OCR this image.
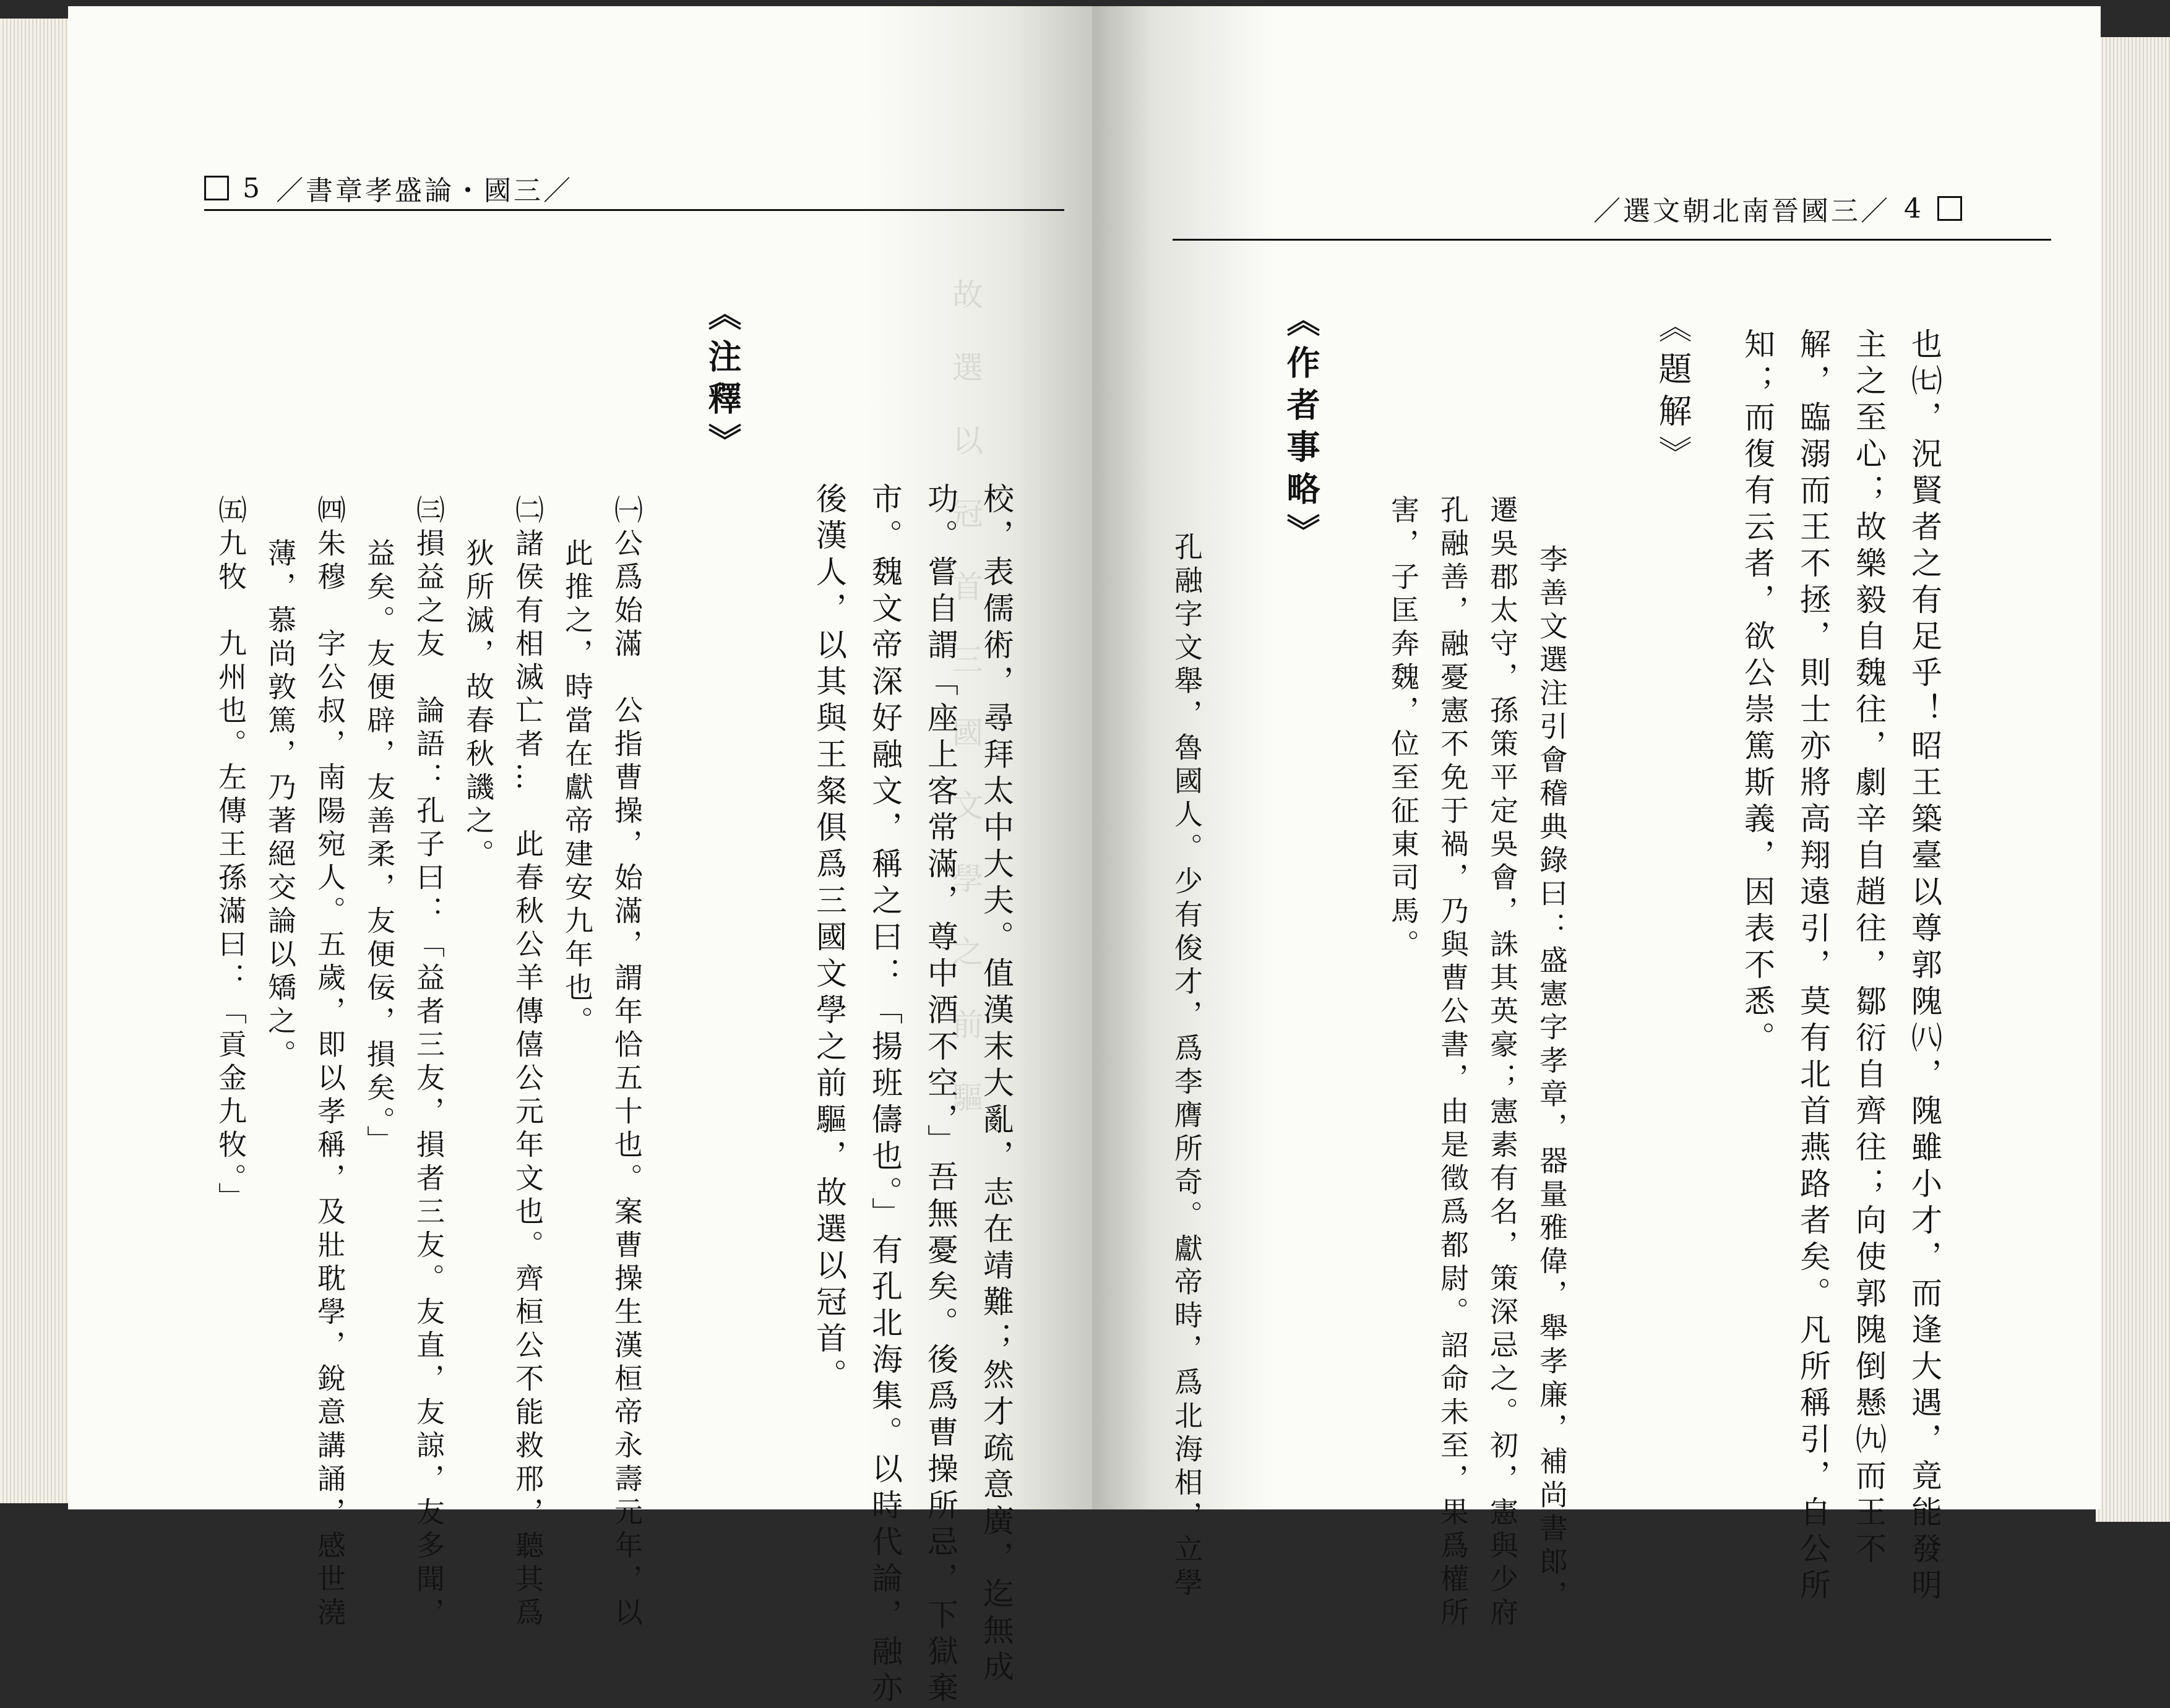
5 ／書章孝盛論・國三／
故　選　以　冠　首　三　國　文　學　之　前　驅
《注釋》
後漢人，以其與王粲俱爲三國文學之前驅，故選以冠首。 市。魏文帝深好融文，稱之曰：「揚班儔也。」有孔北海集。以時代論，融亦 功。嘗自謂「座上客常滿，尊中酒不空，」吾無憂矣。後爲曹操所忌，下獄棄 校，表儒術，尋拜太中大夫。值漢末大亂，志在靖難；然才疏意廣，迄無成
㈠公爲始滿　公指曹操，始滿，謂年恰五十也。案曹操生漢桓帝永壽元年，以
此推之，時當在獻帝建安九年也。
㈡諸侯有相滅亡者…　此春秋公羊傳僖公元年文也。齊桓公不能救邢，聽其爲
狄所滅，故春秋譏之。
㈢損益之友　論語：孔子曰：「益者三友，損者三友。友直，友諒，友多聞，
益矣。友便辟，友善柔，友便佞，損矣。」
㈣朱穆　字公叔，南陽宛人。五歲，即以孝稱，及壯耽學，銳意講誦，感世澆
薄，慕尚敦篤，乃著絕交論以矯之。
㈤九牧　九州也。左傳王孫滿曰：「貢金九牧。」
／選文朝北南晉國三／ 4
也㈦，況賢者之有足乎！昭王築臺以尊郭隗㈧，隗雖小才，而逢大遇，竟能發明
主之至心；故樂毅自魏往，劇辛自趙往，鄒衍自齊往；向使郭隗倒懸㈨而王不
解，臨溺而王不拯，則士亦將高翔遠引，莫有北首燕路者矣。凡所稱引，自公所
知；而復有云者，欲公崇篤斯義，因表不悉。
《題解》
李善文選注引會稽典錄曰：盛憲字孝章，器量雅偉，舉孝廉，補尚書郎，
遷吳郡太守，孫策平定吳會，誅其英豪；憲素有名，策深忌之。初，憲與少府
孔融善，融憂憲不免于禍，乃與曹公書，由是徵爲都尉。詔命未至，果爲權所
害，子匡奔魏，位至征東司馬。
《作者事略》
孔融字文舉，魯國人。少有俊才，爲李膺所奇。獻帝時，爲北海相，立學
